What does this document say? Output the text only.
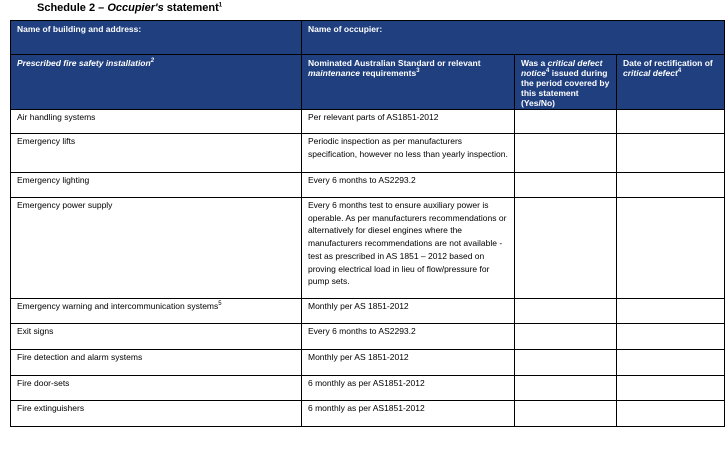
Schedule 2 – Occupier's statement$^1$
Name of building and address:	Name of occupier:		
Prescribed fire safety installation$^2$	Nominated Australian Standard or relevant maintenance requirements$^3$	Was a critical defect notice$^4$ issued during the period covered by this statement (Yes/No)	Date of rectification of critical defect$^4$
Air handling systems	Per relevant parts of AS1851-2012		
Emergency lifts	Periodic inspection as per manufacturers specification, however no less than yearly inspection.		
Emergency lighting	Every 6 months to AS2293.2		
Emergency power supply	Every 6 months test to ensure auxiliary power is operable. As per manufacturers recommendations or alternatively for diesel engines where the manufacturers recommendations are not available - test as prescribed in AS 1851 – 2012 based on proving electrical load in lieu of flow/pressure for pump sets.		
Emergency warning and intercommunication systems$^5$	Monthly per AS 1851-2012		
Exit signs	Every 6 months to AS2293.2		
Fire detection and alarm systems	Monthly per AS 1851-2012		
Fire door-sets	6 monthly as per AS1851-2012		
Fire extinguishers	6 monthly as per AS1851-2012		
